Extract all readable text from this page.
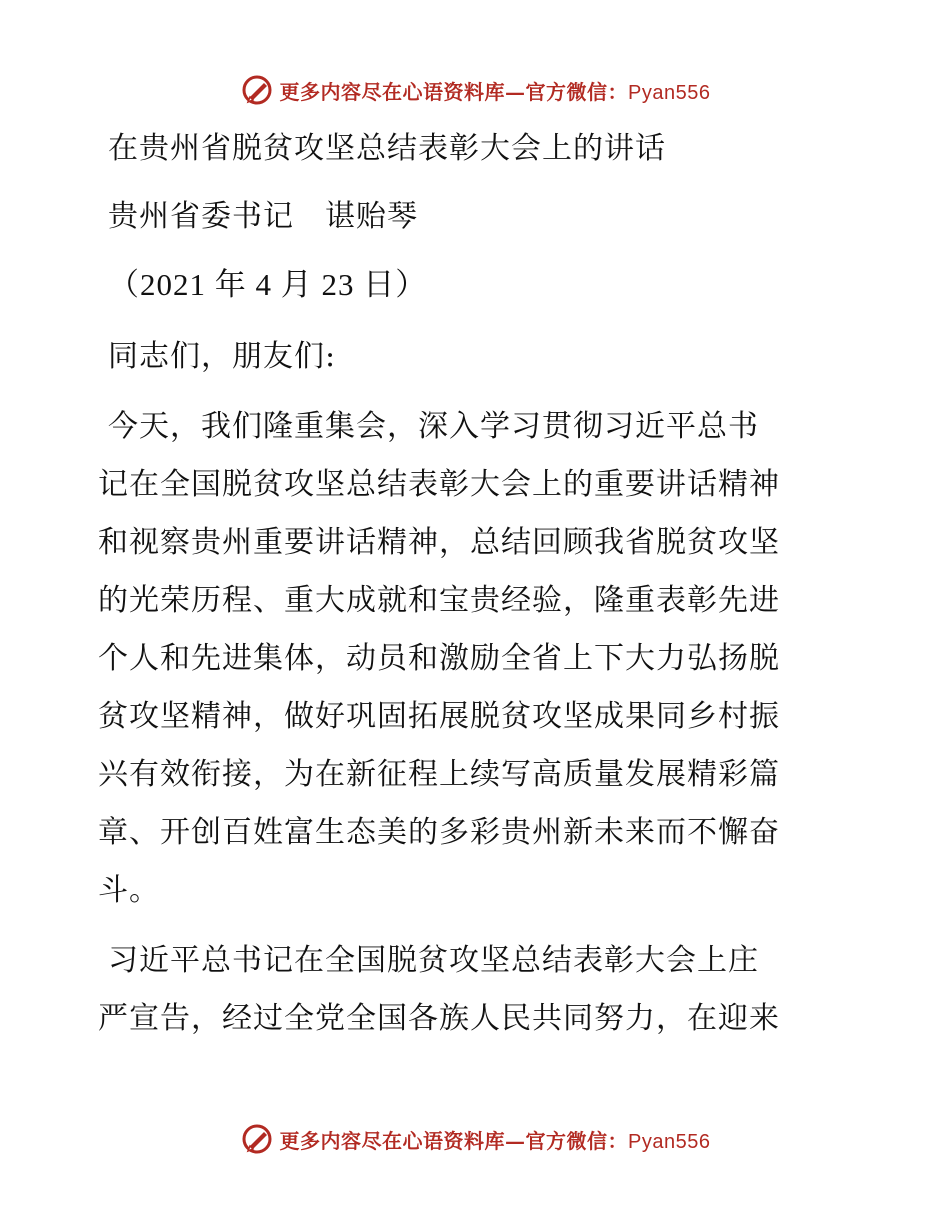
更多内容尽在心语资料库—官方微信：Pyan556
在贵州省脱贫攻坚总结表彰大会上的讲话
贵州省委书记　谌贻琴
（2021 年 4 月 23 日）
同志们，朋友们:
今天，我们隆重集会，深入学习贯彻习近平总书
记在全国脱贫攻坚总结表彰大会上的重要讲话精神
和视察贵州重要讲话精神，总结回顾我省脱贫攻坚
的光荣历程、重大成就和宝贵经验，隆重表彰先进
个人和先进集体，动员和激励全省上下大力弘扬脱
贫攻坚精神，做好巩固拓展脱贫攻坚成果同乡村振
兴有效衔接，为在新征程上续写高质量发展精彩篇
章、开创百姓富生态美的多彩贵州新未来而不懈奋
斗。
习近平总书记在全国脱贫攻坚总结表彰大会上庄
严宣告，经过全党全国各族人民共同努力，在迎来
更多内容尽在心语资料库—官方微信：Pyan556
